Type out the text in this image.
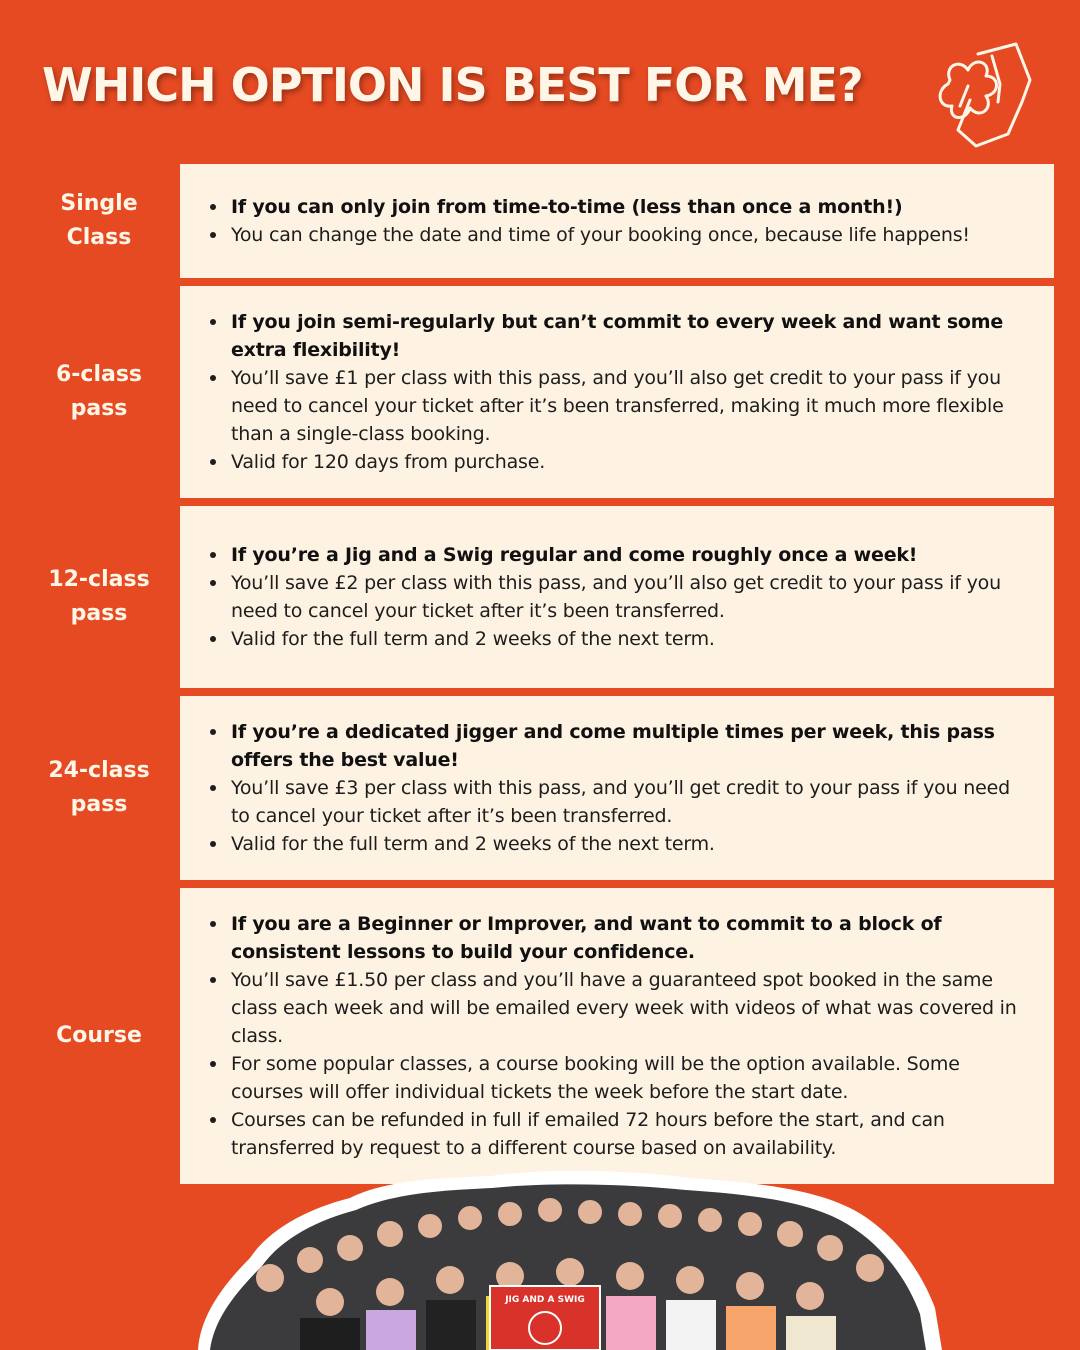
WHICH OPTION IS BEST FOR ME?
Single
Class
If you can only join from time-to-time (less than once a month!)
You can change the date and time of your booking once, because life happens!
6-class
pass
If you join semi-regularly but can’t commit to every week and want some extra flexibility!
You’ll save £1 per class with this pass, and you’ll also get credit to your pass if you need to cancel your ticket after it’s been transferred, making it much more flexible than a single-class booking.
Valid for 120 days from purchase.
12-class
pass
If you’re a Jig and a Swig regular and come roughly once a week!
You’ll save £2 per class with this pass, and you’ll also get credit to your pass if you need to cancel your ticket after it’s been transferred.
Valid for the full term and 2 weeks of the next term.
24-class
pass
If you’re a dedicated jigger and come multiple times per week, this pass offers the best value!
You’ll save £3 per class with this pass, and you’ll get credit to your pass if you need to cancel your ticket after it’s been transferred.
Valid for the full term and 2 weeks of the next term.
Course
If you are a Beginner or Improver, and want to commit to a block of consistent lessons to build your confidence.
You’ll save £1.50 per class and you’ll have a guaranteed spot booked in the same class each week and will be emailed every week with videos of what was covered in class.
For some popular classes, a course booking will be the option available. Some courses will offer individual tickets the week before the start date.
Courses can be refunded in full if emailed 72 hours before the start, and can transferred by request to a different course based on availability.
JIG AND A SWIG
